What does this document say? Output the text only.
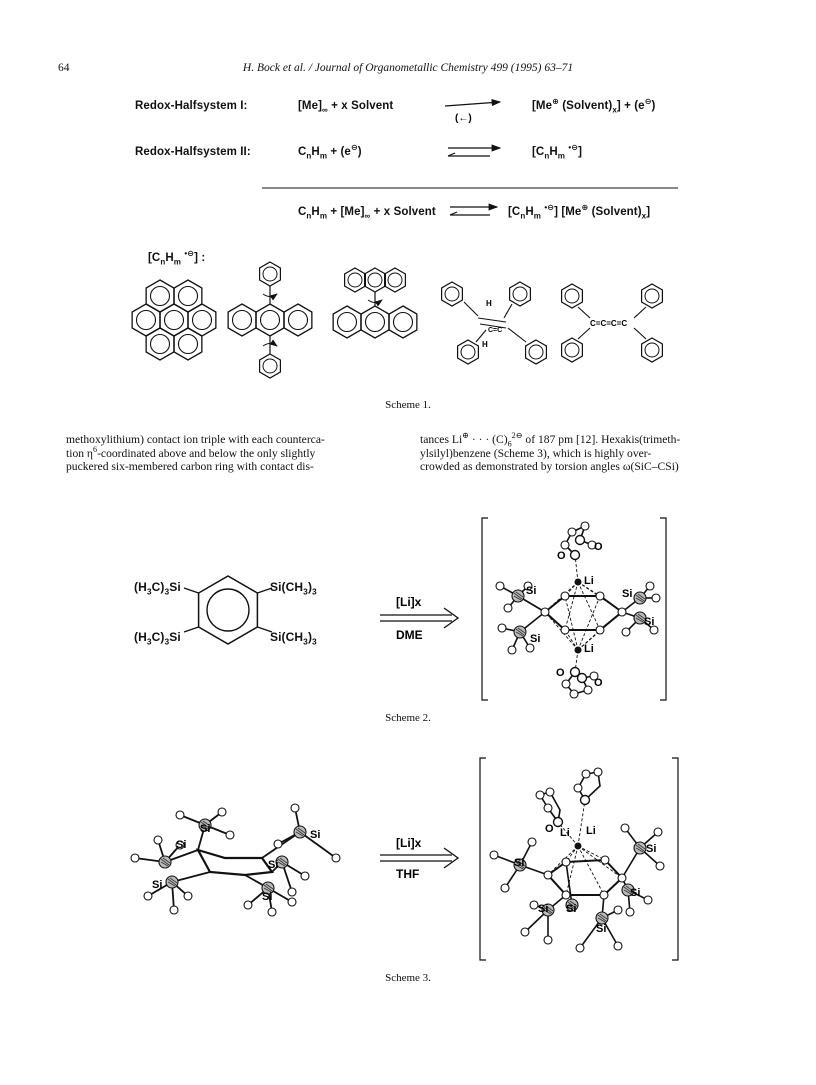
64	H. Bock et al. / Journal of Organometallic Chemistry 499 (1995) 63–71
Redox-Halfsystem I:	$[Me]_\infty + x$ Solvent	[Me⊕ $(Solvent)_x] + (e^⊖)$
Redox-Halfsystem II:	$C_nH_m + (e^⊖)$	[$C_nH_m$ •⊖]
$C_nH_m + [Me]_\infty + x$ Solvent	[$C_nH_m$ •⊖] [Me⊕ $(Solvent)_x$]
[$C_nH_m$ •⊖] :
(←)
H
H
C=C
C=C=C=C
[Li]x
DME
Si
Si
Si
Si
Li
Li
O
O
O
O
Si
Si
Si
Si
Si
Si
[Li]x
THF
O Li Li
Si
Si Si
Si
Si
Si
Scheme 1.
Scheme 2.
Scheme 3.
$(H_3C)_3Si$	$Si(CH_3)_3$
$(H_3C)_3Si$	$Si(CH_3)_3$

methoxylithium) contact ion triple with each counterca-
tion $\eta^6$-coordinated above and below the only slightly
puckered six-membered carbon ring with contact dis-

tances Li⊕ · · · $(C)_6^{2⊖}$ of 187 pm [12]. Hexakis(trimeth-
ylsilyl)benzene (Scheme 3), which is highly over-
crowded as demonstrated by torsion angles ω(SiC–CSi)
